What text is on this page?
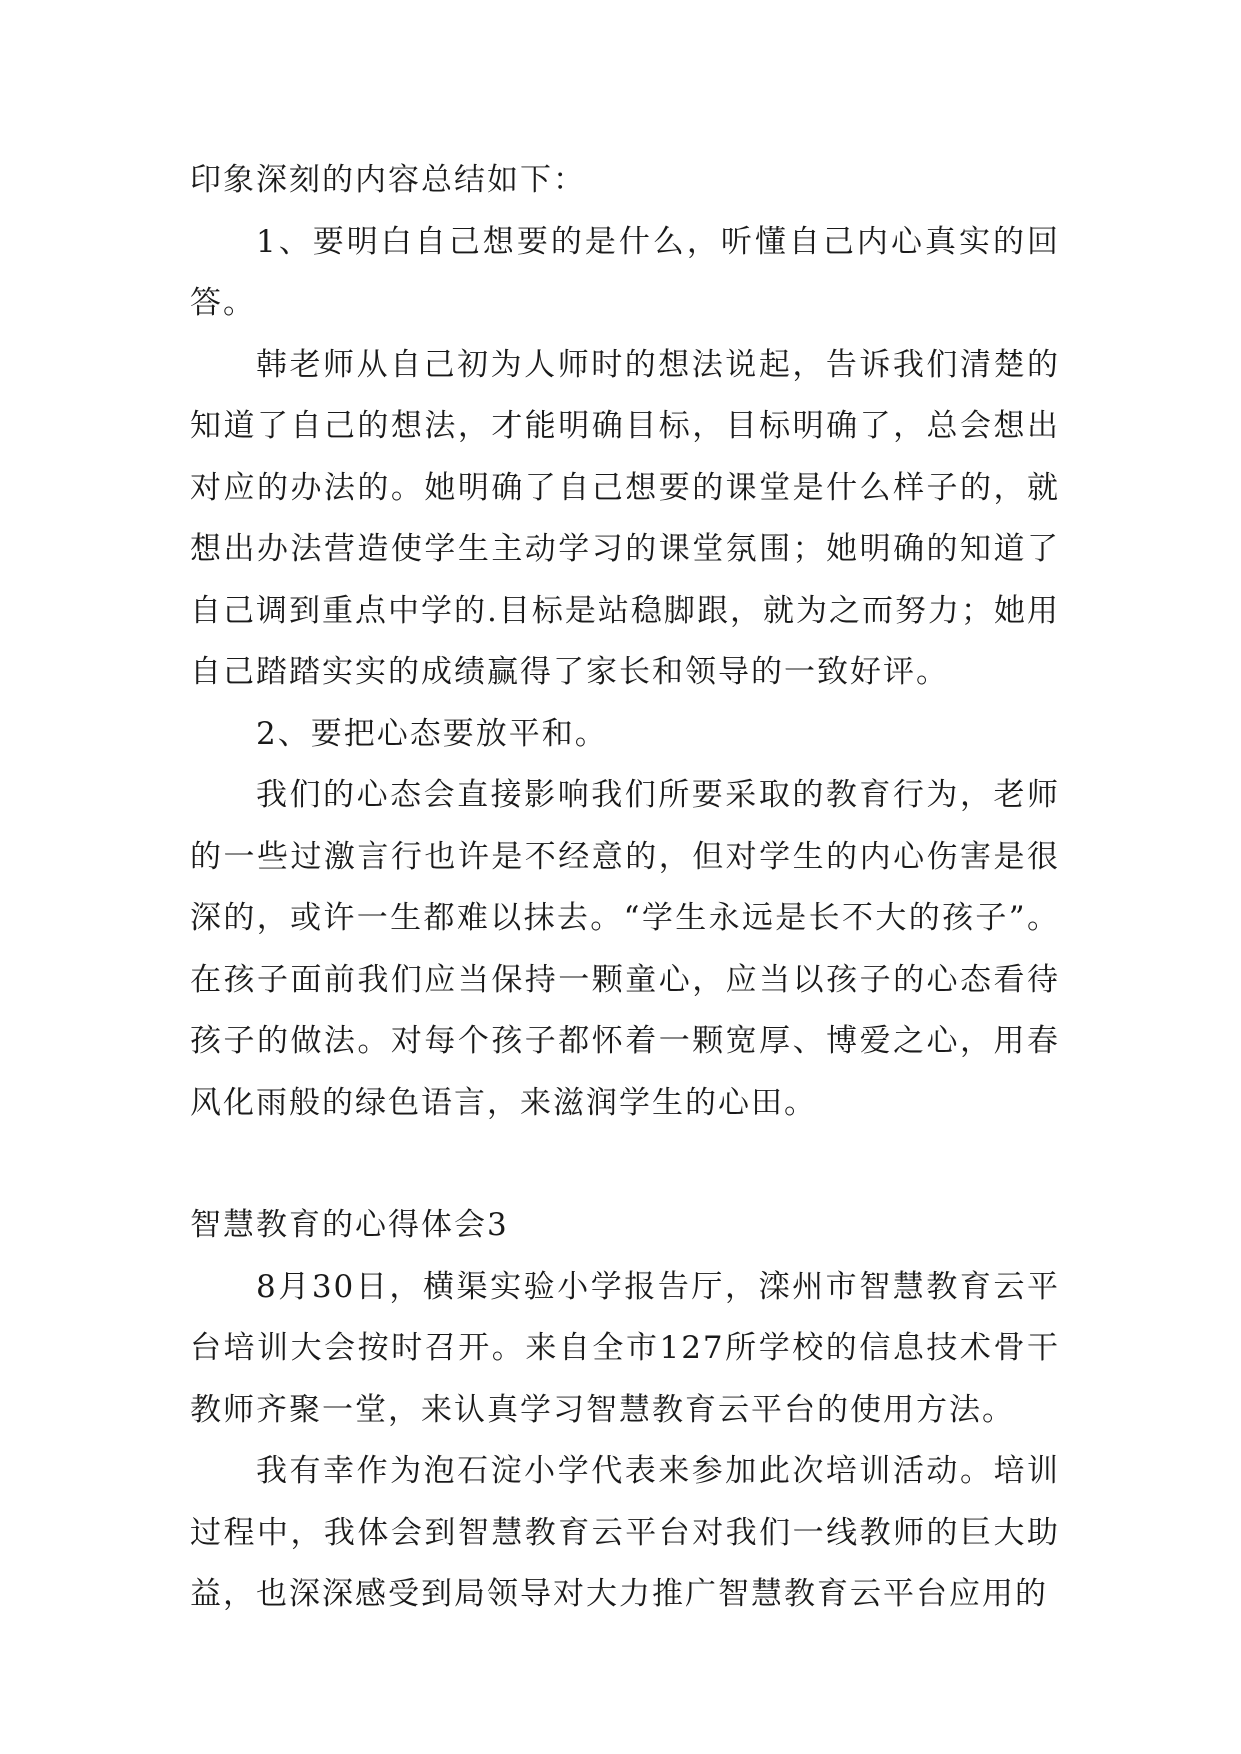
印象深刻的内容总结如下：

1、要明白自己想要的是什么，听懂自己内心真实的回答。

韩老师从自己初为人师时的想法说起，告诉我们清楚的知道了自己的想法，才能明确目标，目标明确了，总会想出对应的办法的。她明确了自己想要的课堂是什么样子的，就想出办法营造使学生主动学习的课堂氛围；她明确的知道了自己调到重点中学的.目标是站稳脚跟，就为之而努力；她用自己踏踏实实的成绩赢得了家长和领导的一致好评。

2、要把心态要放平和。

我们的心态会直接影响我们所要采取的教育行为，老师的一些过激言行也许是不经意的，但对学生的内心伤害是很深的，或许一生都难以抹去。“学生永远是长不大的孩子”。在孩子面前我们应当保持一颗童心，应当以孩子的心态看待孩子的做法。对每个孩子都怀着一颗宽厚、博爱之心，用春风化雨般的绿色语言，来滋润学生的心田。

智慧教育的心得体会3

8月30日，横渠实验小学报告厅，滦州市智慧教育云平台培训大会按时召开。来自全市127所学校的信息技术骨干教师齐聚一堂，来认真学习智慧教育云平台的使用方法。

我有幸作为泡石淀小学代表来参加此次培训活动。培训过程中，我体会到智慧教育云平台对我们一线教师的巨大助益，也深深感受到局领导对大力推广智慧教育云平台应用的
